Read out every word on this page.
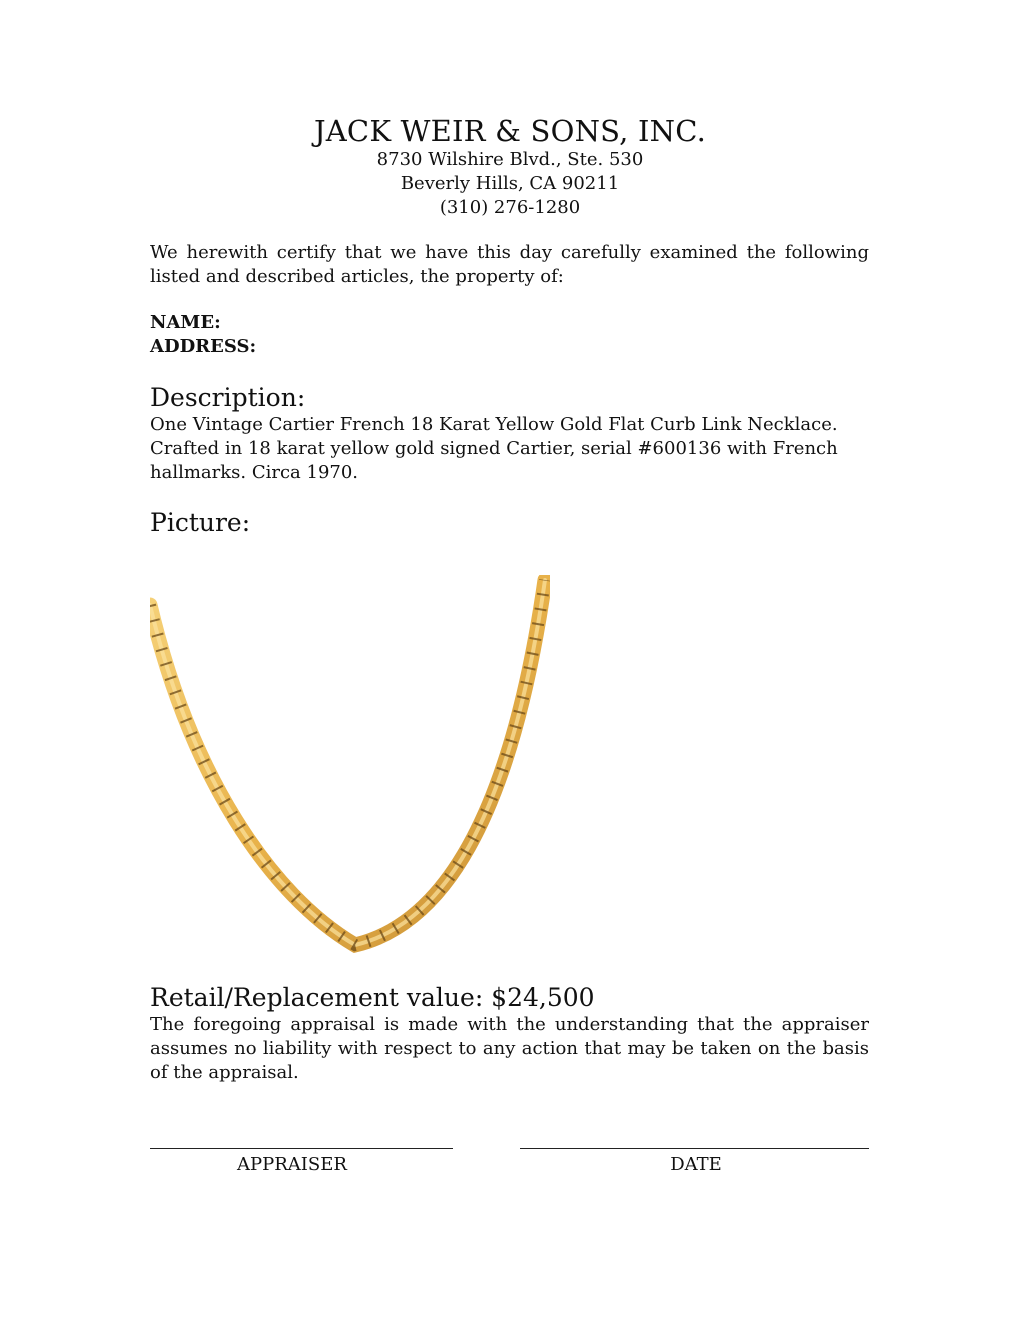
JACK WEIR & SONS, INC.
8730 Wilshire Blvd., Ste. 530
Beverly Hills, CA 90211
(310) 276-1280
We herewith certify that we have this day carefully examined the following listed and described articles, the property of:
NAME:
ADDRESS:
Description:
One Vintage Cartier French 18 Karat Yellow Gold Flat Curb Link Necklace. Crafted in 18 karat yellow gold signed Cartier, serial #600136 with French hallmarks. Circa 1970.
Picture:
Retail/Replacement value: $24,500
The foregoing appraisal is made with the understanding that the appraiser assumes no liability with respect to any action that may be taken on the basis of the appraisal.
APPRAISER	DATE
